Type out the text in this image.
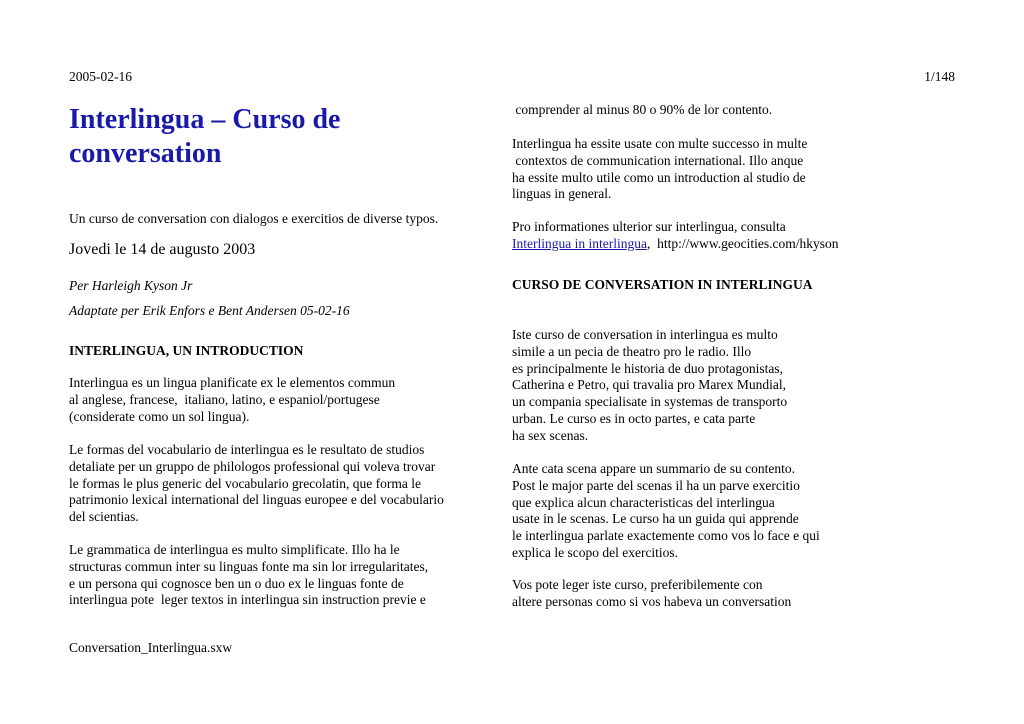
2005-02-16	1/148
Conversation_Interlingua.sxw
Interlingua – Curso de
conversation
Un curso de conversation con dialogos e exercitios de diverse typos.
Jovedi le 14 de augusto 2003
Per Harleigh Kyson Jr
Adaptate per Erik Enfors e Bent Andersen 05-02-16
INTERLINGUA, UN INTRODUCTION
Interlingua es un lingua planificate ex le elementos commun
al anglese, francese,  italiano, latino, e espaniol/portugese
(considerate como un sol lingua).
Le formas del vocabulario de interlingua es le resultato de studios
detaliate per un gruppo de philologos professional qui voleva trovar
le formas le plus generic del vocabulario grecolatin, que forma le
patrimonio lexical international del linguas europee e del vocabulario
del scientias.
Le grammatica de interlingua es multo simplificate. Illo ha le
structuras commun inter su linguas fonte ma sin lor irregularitates,
e un persona qui cognosce ben un o duo ex le linguas fonte de
interlingua pote  leger textos in interlingua sin instruction previe e
comprender al minus 80 o 90% de lor contento.
Interlingua ha essite usate con multe successo in multe
contextos de communication international. Illo anque
ha essite multo utile como un introduction al studio de
linguas in general.
Pro informationes ulterior sur interlingua, consulta
Interlingua in interlingua,  http://www.geocities.com/hkyson
CURSO DE CONVERSATION IN INTERLINGUA
Iste curso de conversation in interlingua es multo
simile a un pecia de theatro pro le radio. Illo
es principalmente le historia de duo protagonistas,
Catherina e Petro, qui travalia pro Marex Mundial,
un compania specialisate in systemas de transporto
urban. Le curso es in octo partes, e cata parte
ha sex scenas.
Ante cata scena appare un summario de su contento.
Post le major parte del scenas il ha un parve exercitio
que explica alcun characteristicas del interlingua
usate in le scenas. Le curso ha un guida qui apprende
le interlingua parlate exactemente como vos lo face e qui
explica le scopo del exercitios.
Vos pote leger iste curso, preferibilemente con
altere personas como si vos habeva un conversation
